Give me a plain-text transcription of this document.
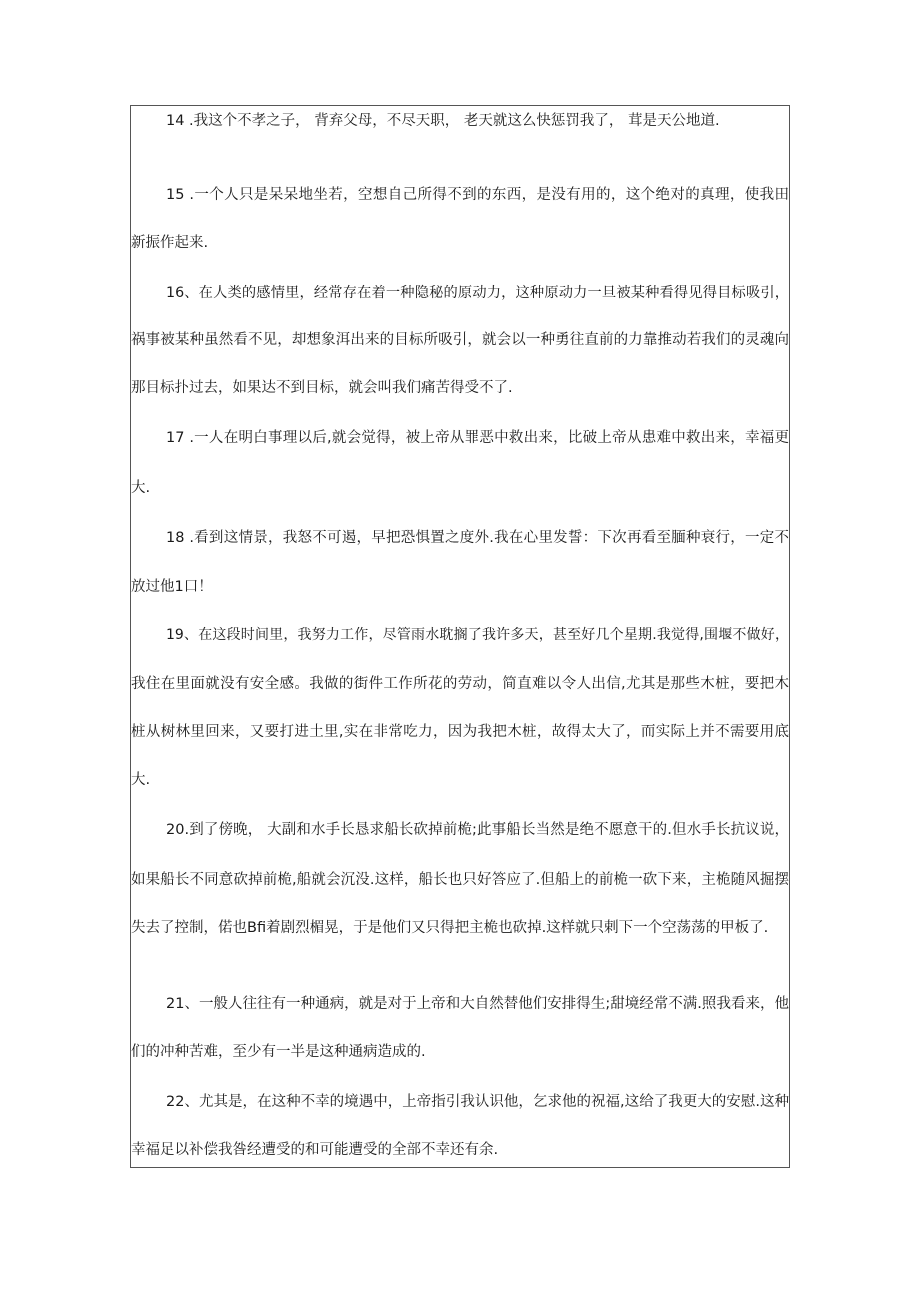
14 .我这个不孝之子， 背弃父母，不尽天职， 老天就这么快惩罚我了， 茸是天公地道.
15 .一个人只是呆呆地坐若，空想自己所得不到的东西，是没有用的，这个绝对的真理，使我田
新振作起来.
16、在人类的感情里，经常存在着一种隐秘的原动力，这种原动力一旦被某种看得见得目标吸引，
祸事被某种虽然看不见，却想象洱出来的目标所吸引，就会以一种勇往直前的力靠推动若我们的灵魂向
那目标扑过去，如果达不到目标，就会叫我们痛苦得受不了.
17 .一人在明白事理以后,就会觉得，被上帝从罪恶中救出来，比破上帝从患难中救出来，幸福更
大.
18 .看到这情景，我怒不可遏，早把恐惧置之度外.我在心里发誓：下次再看至腼种衰行，一定不
放过他1口！
19、在这段时间里，我努力工作，尽管雨水耽搁了我许多天，甚至好几个星期.我觉得,围堰不做好，
我住在里面就没有安全感。我做的街件工作所花的劳动，简直难以令人出信,尤其是那些木桩，要把木
桩从树林里回来，又要打进土里,实在非常吃力，因为我把木桩，故得太大了，而实际上并不需要用底
大.
20.到了傍晚， 大副和水手长恳求船长砍掉前桅;此事船长当然是绝不愿意干的.但水手长抗议说，
如果船长不同意砍掉前桅,船就会沉没.这样，船长也只好答应了.但船上的前桅一砍下来，主桅随风掘摆
失去了控制，偌也Bfi着剧烈楣晃，于是他们又只得把主桅也砍掉.这样就只剌下一个空荡荡的甲板了.
21、一般人往往有一种通病，就是对于上帝和大自然替他们安排得生;甜境经常不满.照我看来，他
们的冲种苦难，至少有一半是这种通病造成的.
22、尤其是，在这种不幸的境遇中，上帝指引我认识他，乞求他的祝福,这给了我更大的安慰.这种
幸福足以补偿我咎经遭受的和可能遭受的全部不幸还有余.
